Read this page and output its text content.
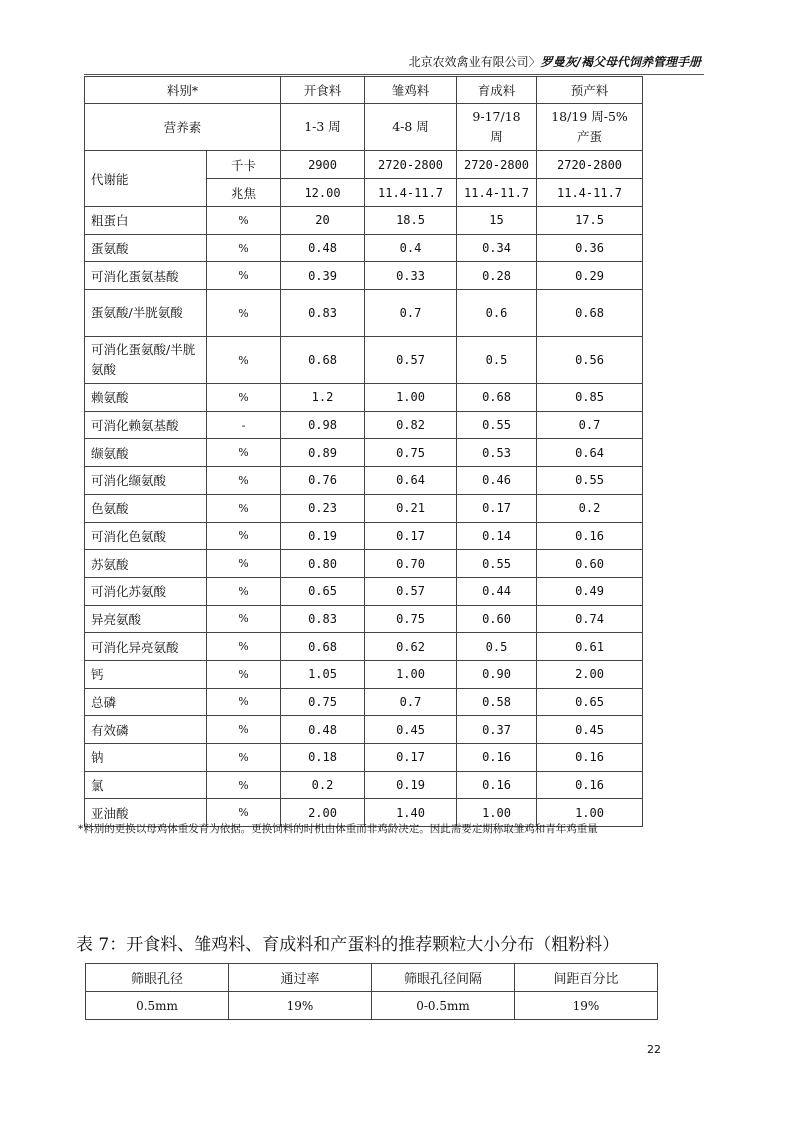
北京农效禽业有限公司〉罗曼灰/褐父母代饲养管理手册
料别*		开食料	雏鸡料	育成料	预产料
营养素		1-3 周	4-8 周	9-17/18 周	18/19 周-5%产蛋
代谢能	千卡	2900	2720-2800	2720-2800	2720-2800
	兆焦	12.00	11.4-11.7	11.4-11.7	11.4-11.7
粗蛋白	%	20	18.5	15	17.5
蛋氨酸	%	0.48	0.4	0.34	0.36
可消化蛋氨基酸	%	0.39	0.33	0.28	0.29
蛋氨酸/半胱氨酸	%	0.83	0.7	0.6	0.68
可消化蛋氨酸/半胱氨酸	%	0.68	0.57	0.5	0.56
赖氨酸	%	1.2	1.00	0.68	0.85
可消化赖氨基酸	-	0.98	0.82	0.55	0.7
缬氨酸	%	0.89	0.75	0.53	0.64
可消化缬氨酸	%	0.76	0.64	0.46	0.55
色氨酸	%	0.23	0.21	0.17	0.2
可消化色氨酸	%	0.19	0.17	0.14	0.16
苏氨酸	%	0.80	0.70	0.55	0.60
可消化苏氨酸	%	0.65	0.57	0.44	0.49
异亮氨酸	%	0.83	0.75	0.60	0.74
可消化异亮氨酸	%	0.68	0.62	0.5	0.61
钙	%	1.05	1.00	0.90	2.00
总磷	%	0.75	0.7	0.58	0.65
有效磷	%	0.48	0.45	0.37	0.45
钠	%	0.18	0.17	0.16	0.16
氯	%	0.2	0.19	0.16	0.16
亚油酸	%	2.00	1.40	1.00	1.00
*料别的更换以母鸡体重发育为依据。更换饲料的时机由体重而非鸡龄决定。因此需要定期称取雏鸡和青年鸡重量
表 7：开食料、雏鸡料、育成料和产蛋料的推荐颗粒大小分布（粗粉料）
筛眼孔径	通过率	筛眼孔径间隔	间距百分比
0.5mm	19%	0-0.5mm	19%
22
